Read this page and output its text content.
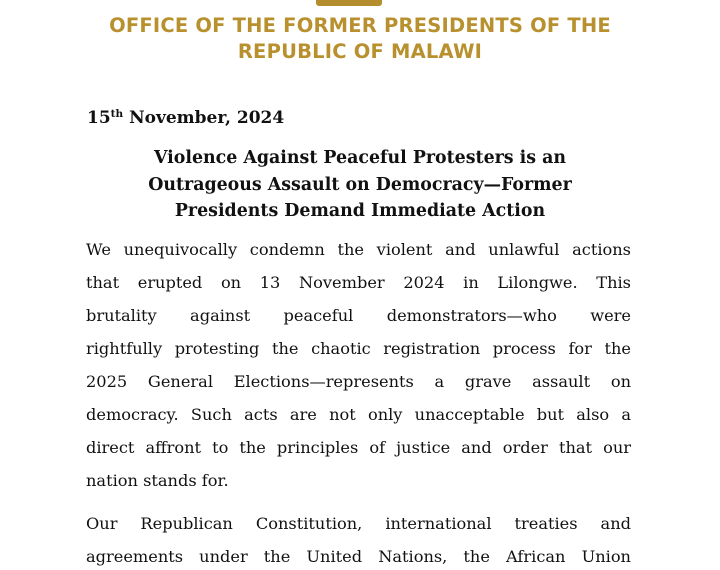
OFFICE OF THE FORMER PRESIDENTS OF THE

REPUBLIC OF MALAWI

15th November, 2024

Violence Against Peaceful Protesters is an

Outrageous Assault on Democracy—Former

Presidents Demand Immediate Action

We unequivocally condemn the violent and unlawful actions

that erupted on 13 November 2024 in Lilongwe. This

brutality against peaceful demonstrators—who were

rightfully protesting the chaotic registration process for the

2025 General Elections—represents a grave assault on

democracy. Such acts are not only unacceptable but also a

direct affront to the principles of justice and order that our

nation stands for.

Our Republican Constitution, international treaties and

agreements under the United Nations, the African Union
